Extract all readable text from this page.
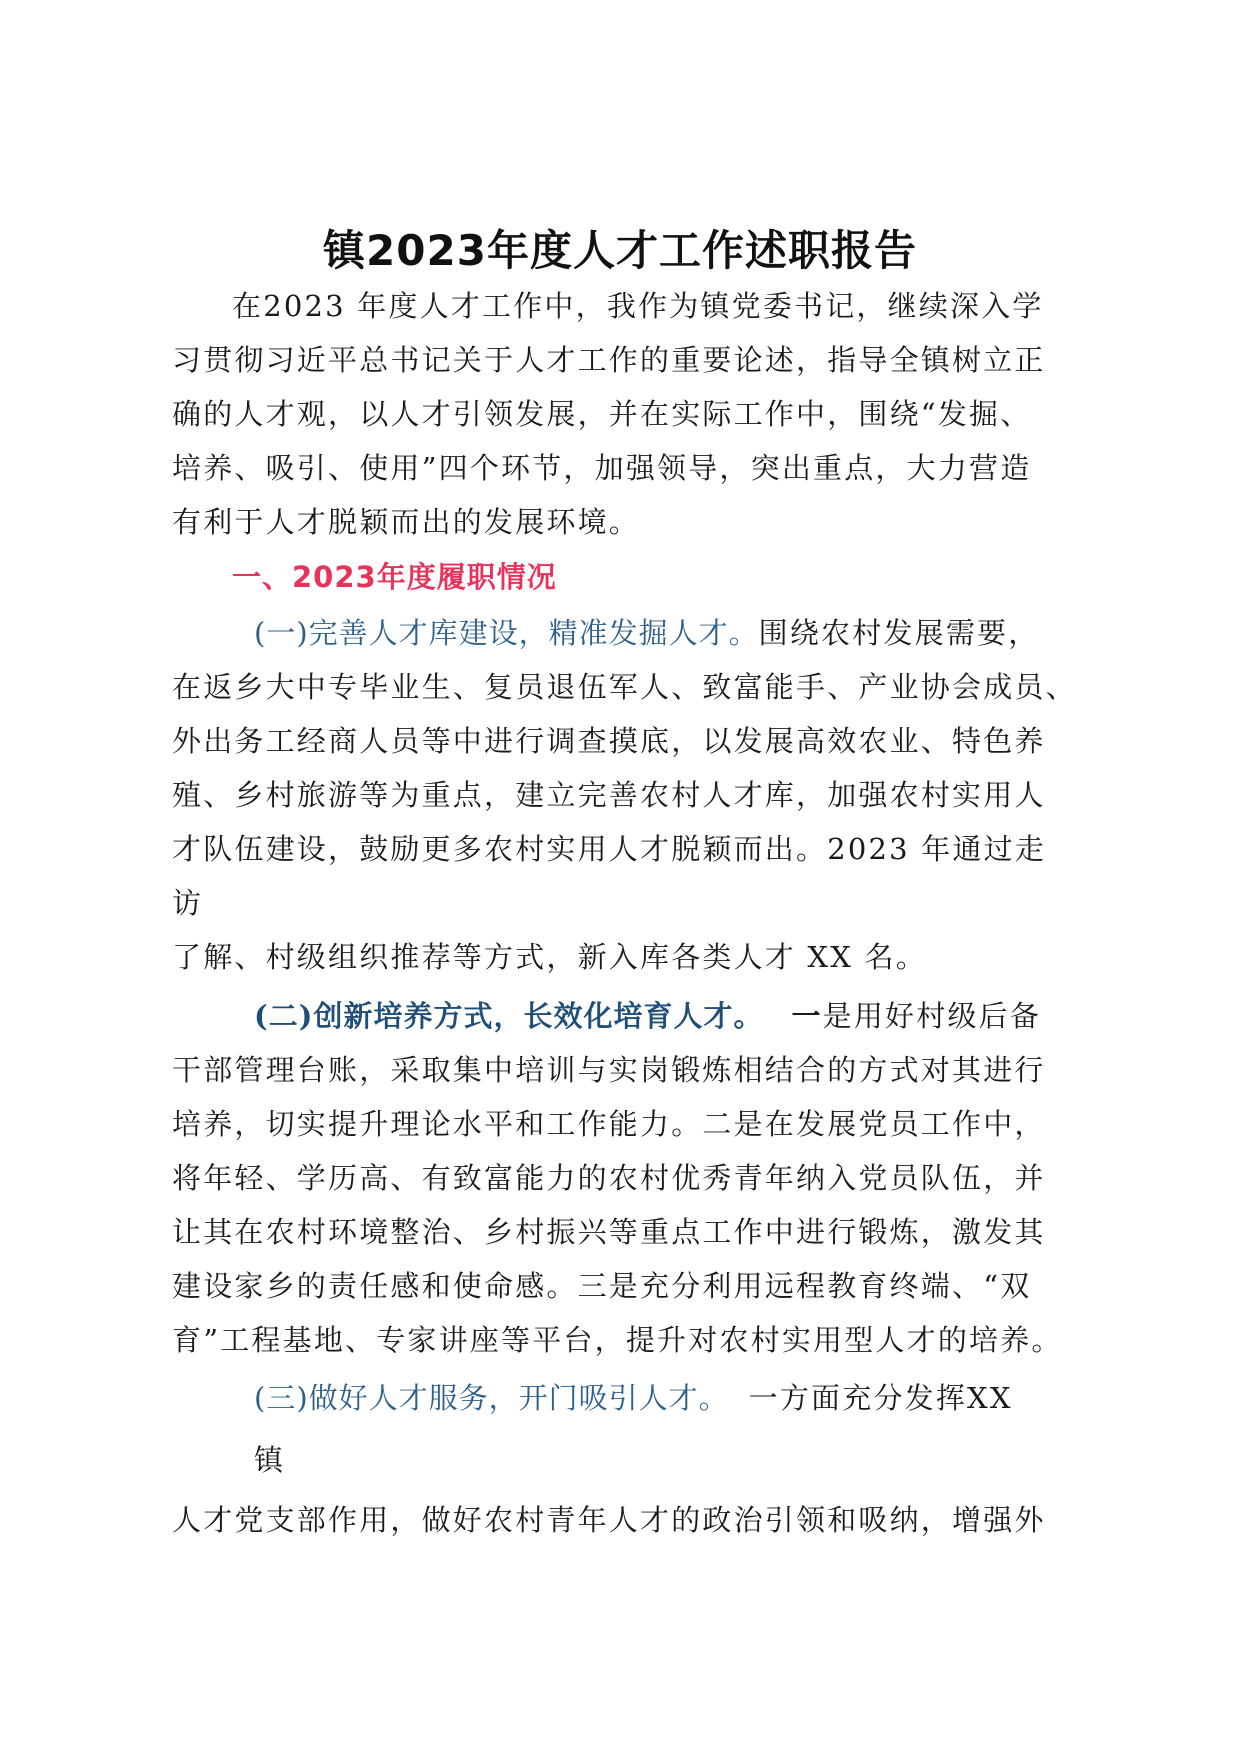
镇2023年度人才工作述职报告
在2023 年度人才工作中，我作为镇党委书记，继续深入学
习贯彻习近平总书记关于人才工作的重要论述，指导全镇树立正
确的人才观，以人才引领发展，并在实际工作中，围绕“发掘、
培养、吸引、使用”四个环节，加强领导，突出重点，大力营造
有利于人才脱颖而出的发展环境。
一、2023年度履职情况
(一)完善人才库建设，精准发掘人才。围绕农村发展需要，
在返乡大中专毕业生、复员退伍军人、致富能手、产业协会成员、
外出务工经商人员等中进行调查摸底，以发展高效农业、特色养
殖、乡村旅游等为重点，建立完善农村人才库，加强农村实用人
才队伍建设，鼓励更多农村实用人才脱颖而出。2023 年通过走
访
了解、村级组织推荐等方式，新入库各类人才 XX 名。
(二)创新培养方式，长效化培育人才。 一是用好村级后备
干部管理台账，采取集中培训与实岗锻炼相结合的方式对其进行
培养，切实提升理论水平和工作能力。二是在发展党员工作中，
将年轻、学历高、有致富能力的农村优秀青年纳入党员队伍，并
让其在农村环境整治、乡村振兴等重点工作中进行锻炼，激发其
建设家乡的责任感和使命感。三是充分利用远程教育终端、“双
育”工程基地、专家讲座等平台，提升对农村实用型人才的培养。
(三)做好人才服务，开门吸引人才。 一方面充分发挥XX
镇
人才党支部作用，做好农村青年人才的政治引领和吸纳，增强外
